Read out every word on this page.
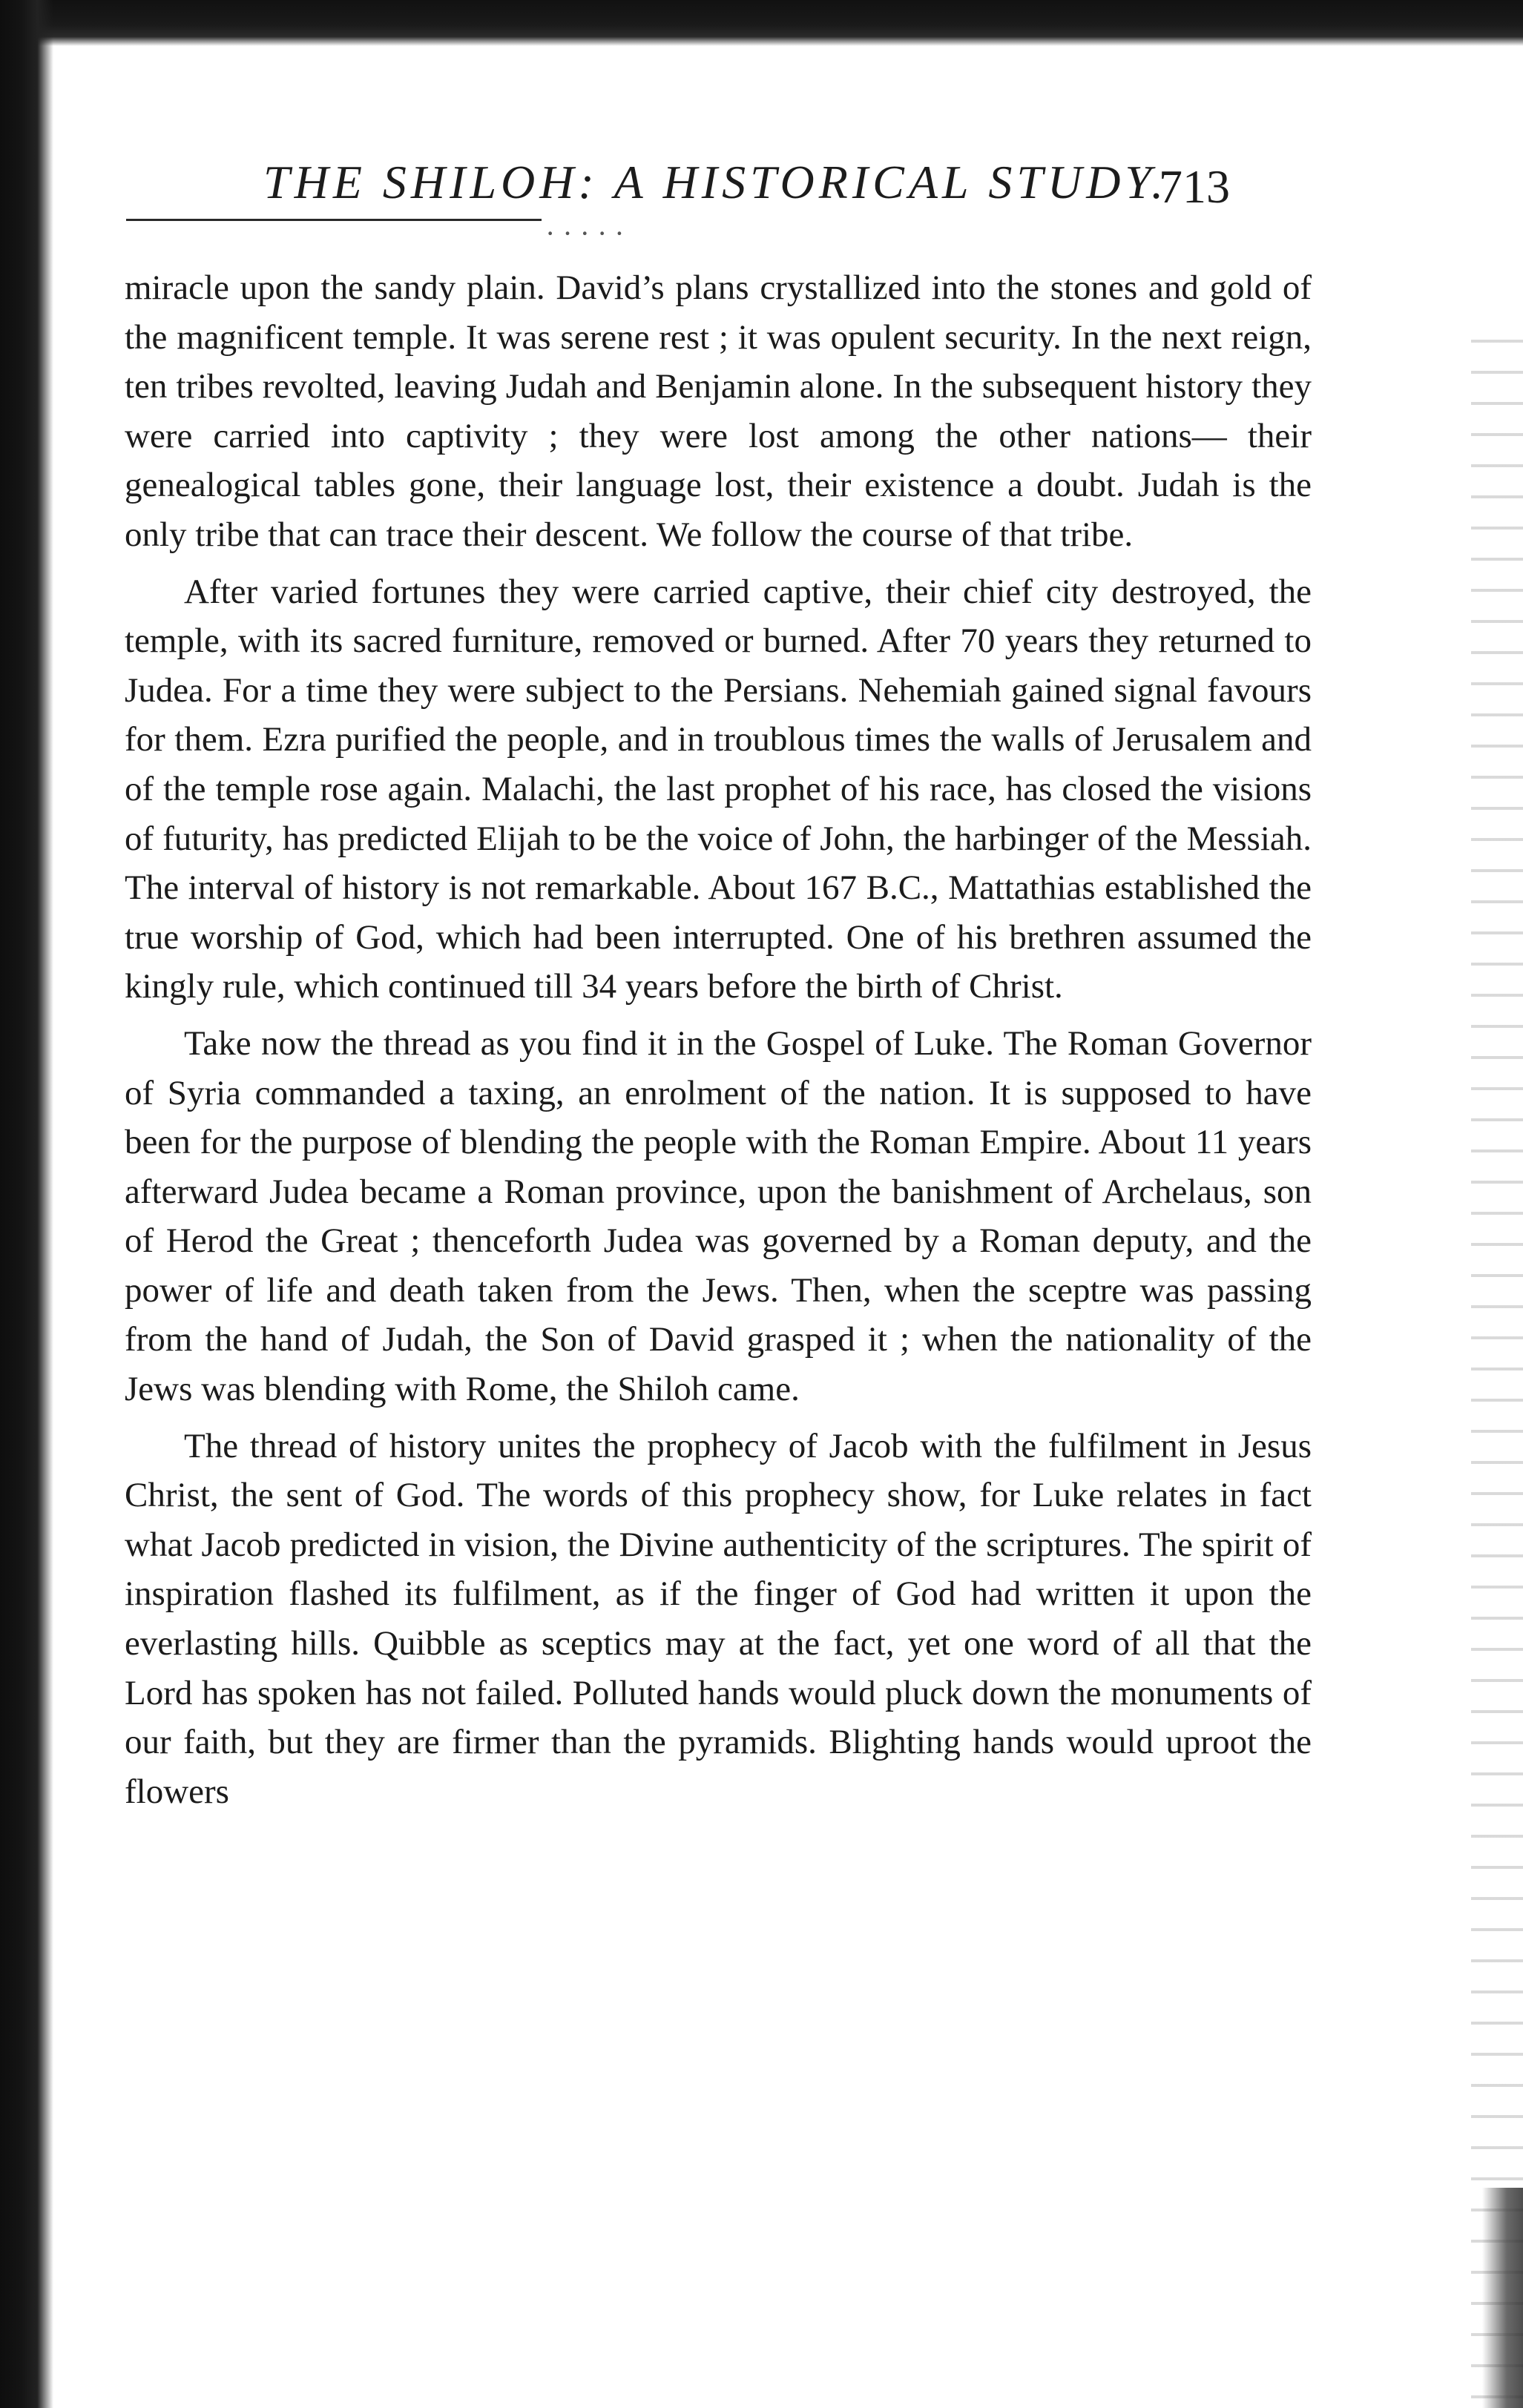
THE SHILOH: A HISTORICAL STUDY.
713
·····

miracle upon the sandy plain. David’s plans crystallized into the stones and gold of the magnificent temple. It was serene rest ; it was opulent security. In the next reign, ten tribes revolted, leaving Judah and Benjamin alone. In the subsequent history they were carried into captivity ; they were lost among the other nations— their genealogical tables gone, their language lost, their existence a doubt. Judah is the only tribe that can trace their descent. We follow the course of that tribe.

After varied fortunes they were carried captive, their chief city destroyed, the temple, with its sacred furniture, removed or burned. After 70 years they returned to Judea. For a time they were subject to the Persians. Nehemiah gained signal favours for them. Ezra purified the people, and in troublous times the walls of Jerusalem and of the temple rose again. Malachi, the last prophet of his race, has closed the visions of futurity, has predicted Elijah to be the voice of John, the harbinger of the Messiah. The interval of history is not remarkable. About 167 B.C., Mattathias established the true worship of God, which had been interrupted. One of his brethren assumed the kingly rule, which continued till 34 years before the birth of Christ.

Take now the thread as you find it in the Gospel of Luke. The Roman Governor of Syria commanded a taxing, an enrolment of the nation. It is supposed to have been for the purpose of blending the people with the Roman Empire. About 11 years afterward Judea became a Roman province, upon the banishment of Archelaus, son of Herod the Great ; thenceforth Judea was governed by a Roman deputy, and the power of life and death taken from the Jews. Then, when the sceptre was passing from the hand of Judah, the Son of David grasped it ; when the nationality of the Jews was blending with Rome, the Shiloh came.

The thread of history unites the prophecy of Jacob with the fulfilment in Jesus Christ, the sent of God. The words of this prophecy show, for Luke relates in fact what Jacob predicted in vision, the Divine authenticity of the scriptures. The spirit of inspiration flashed its fulfilment, as if the finger of God had written it upon the everlasting hills. Quibble as sceptics may at the fact, yet one word of all that the Lord has spoken has not failed. Polluted hands would pluck down the monuments of our faith, but they are firmer than the pyramids. Blighting hands would uproot the flowers
